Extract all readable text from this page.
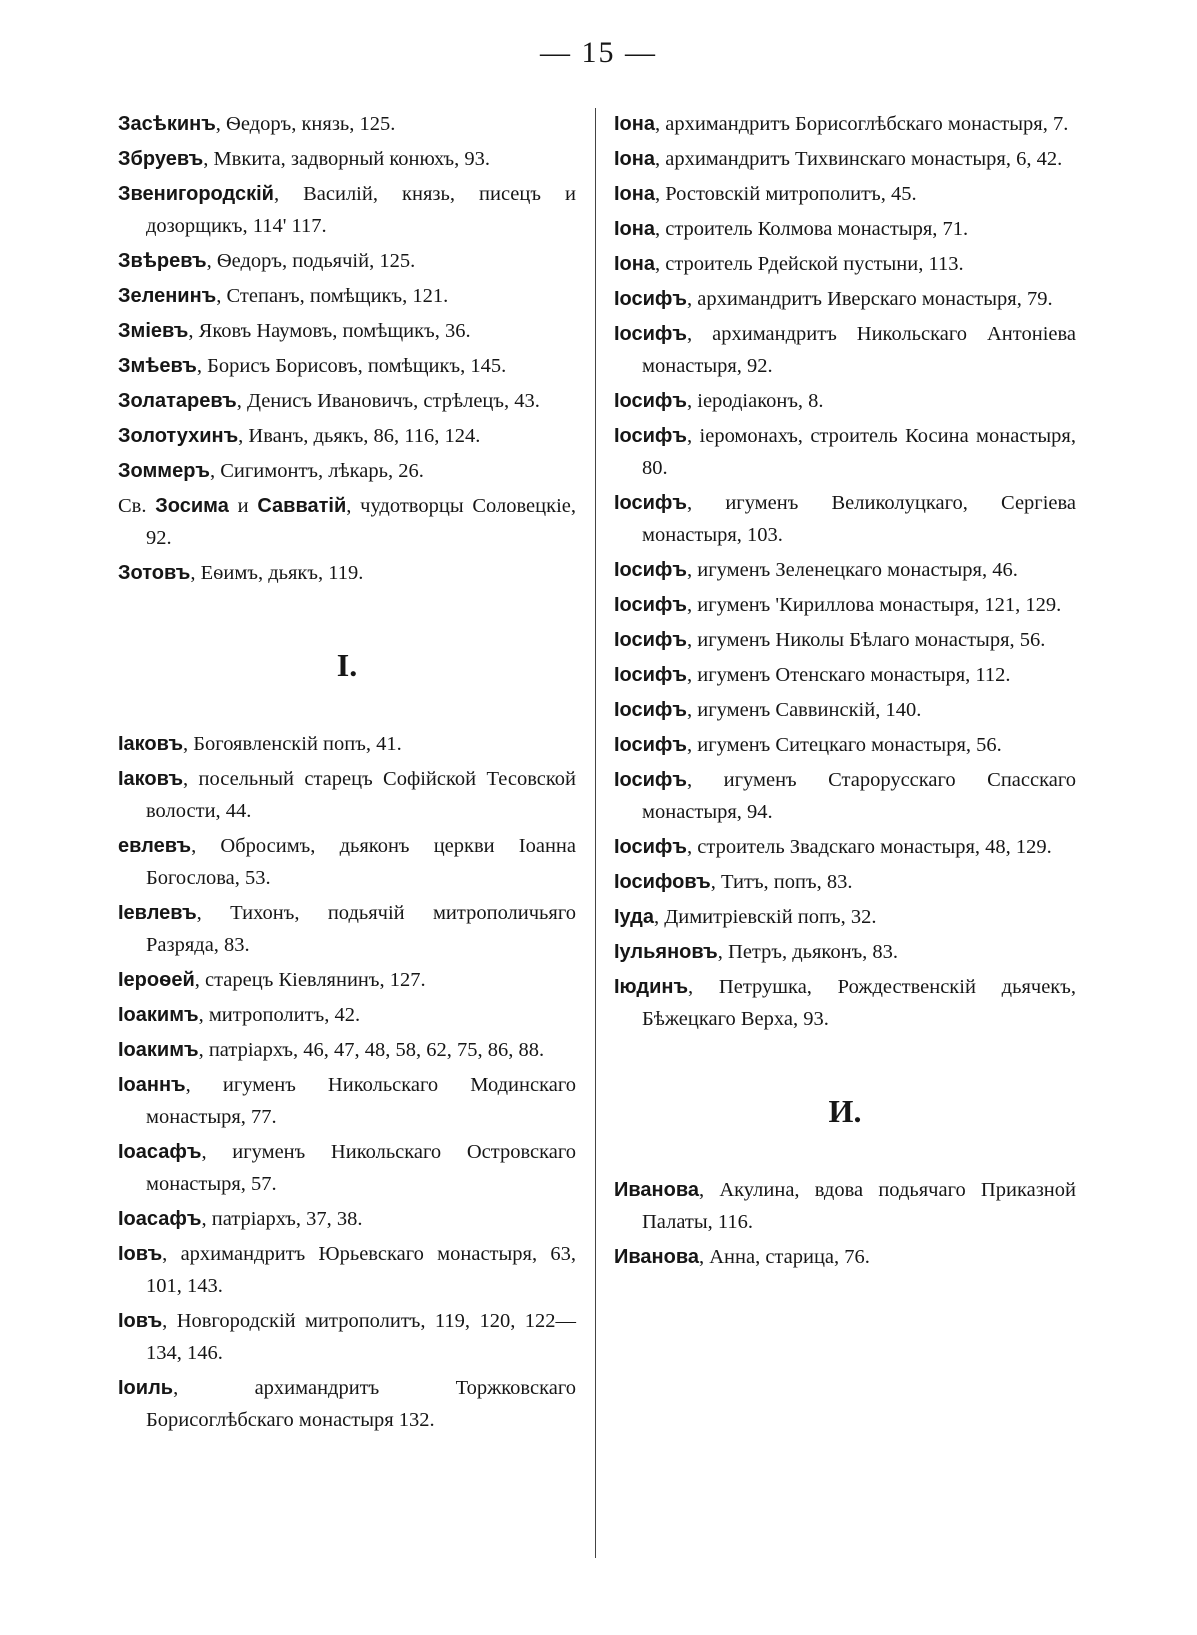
— 15 —

Засѣкинъ, Ѳедоръ, князь, 125.

Збруевъ, Мвкита, задворный конюхъ, 93.

Звенигородскій, Василій, князь, писецъ и дозорщикъ, 114' 117.

Звѣревъ, Ѳедоръ, подьячій, 125.

Зеленинъ, Степанъ, помѣщикъ, 121.

Зміевъ, Яковъ Наумовъ, помѣщикъ, 36.

Змѣевъ, Борисъ Борисовъ, помѣщикъ, 145.

Золатаревъ, Денисъ Ивановичъ, стрѣлецъ, 43.

Золотухинъ, Иванъ, дьякъ, 86, 116, 124.

Зоммеръ, Сигимонтъ, лѣкарь, 26.

Св. Зосима и Савватій, чудотворцы Соловецкіе, 92.

Зотовъ, Еѳимъ, дьякъ, 119.

I.

Іаковъ, Богоявленскій попъ, 41.

Іаковъ, посельный старецъ Софійской Тесовской волости, 44.

евлевъ, Обросимъ, дьяконъ церкви Іоанна Богослова, 53.

Іевлевъ, Тихонъ, подьячій митрополичьяго Разряда, 83.

Іероѳей, старецъ Кіевлянинъ, 127.

Іоакимъ, митрополитъ, 42.

Іоакимъ, патріархъ, 46, 47, 48, 58, 62, 75, 86, 88.

Іоаннъ, игуменъ Никольскаго Модинскаго монастыря, 77.

Іоасафъ, игуменъ Никольскаго Островскаго монастыря, 57.

Іоасафъ, патріархъ, 37, 38.

Іовъ, архимандритъ Юрьевскаго монастыря, 63, 101, 143.

Іовъ, Новгородскій митрополитъ, 119, 120, 122—134, 146.

Іоиль, архимандритъ Торжковскаго Борисоглѣбскаго монастыря 132.

Іона, архимандритъ Борисоглѣбскаго монастыря, 7.

Іона, архимандритъ Тихвинскаго монастыря, 6, 42.

Іона, Ростовскій митрополитъ, 45.

Іона, строитель Колмова монастыря, 71.

Іона, строитель Рдейской пустыни, 113.

Іосифъ, архимандритъ Иверскаго монастыря, 79.

Іосифъ, архимандритъ Никольскаго Антоніева монастыря, 92.

Іосифъ, іеродіаконъ, 8.

Іосифъ, іеромонахъ, строитель Косина монастыря, 80.

Іосифъ, игуменъ Великолуцкаго, Сергіева монастыря, 103.

Іосифъ, игуменъ Зеленецкаго монастыря, 46.

Іосифъ, игуменъ 'Кириллова монастыря, 121, 129.

Іосифъ, игуменъ Николы Бѣлаго монастыря, 56.

Іосифъ, игуменъ Отенскаго монастыря, 112.

Іосифъ, игуменъ Саввинскій, 140.

Іосифъ, игуменъ Ситецкаго монастыря, 56.

Іосифъ, игуменъ Старорусскаго Спасскаго монастыря, 94.

Іосифъ, строитель Звадскаго монастыря, 48, 129.

Іосифовъ, Титъ, попъ, 83.

Іуда, Димитріевскій попъ, 32.

Іульяновъ, Петръ, дьяконъ, 83.

Іюдинъ, Петрушка, Рождественскій дьячекъ, Бѣжецкаго Верха, 93.

И.

Иванова, Акулина, вдова подьячаго Приказной Палаты, 116.

Иванова, Анна, старица, 76.
